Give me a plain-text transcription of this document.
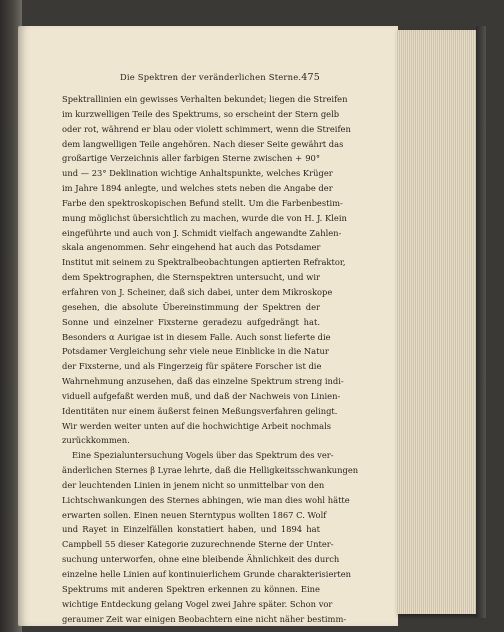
Die Spektren der veränderlichen Sterne. 475
Spektrallinien ein gewisses Verhalten bekundet; liegen die Streifen
im kurzwelligen Teile des Spektrums, so erscheint der Stern gelb
oder rot, während er blau oder violett schimmert, wenn die Streifen
dem langwelligen Teile angehören. Nach dieser Seite gewährt das
großartige Verzeichnis aller farbigen Sterne zwischen + 90°
und — 23° Deklination wichtige Anhaltspunkte, welches Krüger
im Jahre 1894 anlegte, und welches stets neben die Angabe der
Farbe den spektroskopischen Befund stellt. Um die Farbenbestim-
mung möglichst übersichtlich zu machen, wurde die von H. J. Klein
eingeführte und auch von J. Schmidt vielfach angewandte Zahlen-
skala angenommen. Sehr eingehend hat auch das Potsdamer
Institut mit seinem zu Spektralbeobachtungen aptierten Refraktor,
dem Spektrographen, die Sternspektren untersucht, und wir
erfahren von J. Scheiner, daß sich dabei, unter dem Mikroskope
gesehen, die absolute Übereinstimmung der Spektren der
Sonne und einzelner Fixsterne geradezu aufgedrängt hat.
Besonders α Aurigae ist in diesem Falle. Auch sonst lieferte die
Potsdamer Vergleichung sehr viele neue Einblicke in die Natur
der Fixsterne, und als Fingerzeig für spätere Forscher ist die
Wahrnehmung anzusehen, daß das einzelne Spektrum streng indi-
viduell aufgefaßt werden muß, und daß der Nachweis von Linien-
Identitäten nur einem äußerst feinen Meßungsverfahren gelingt.
Wir werden weiter unten auf die hochwichtige Arbeit nochmals
zurückkommen.
Eine Spezialuntersuchung Vogels über das Spektrum des ver-
änderlichen Sternes β Lyrae lehrte, daß die Helligkeitsschwankungen
der leuchtenden Linien in jenem nicht so unmittelbar von den
Lichtschwankungen des Sternes abhingen, wie man dies wohl hätte
erwarten sollen. Einen neuen Sterntypus wollten 1867 C. Wolf
und Rayet in Einzelfällen konstatiert haben, und 1894 hat
Campbell 55 dieser Kategorie zuzurechnende Sterne der Unter-
suchung unterworfen, ohne eine bleibende Ähnlichkeit des durch
einzelne helle Linien auf kontinuierlichem Grunde charakterisierten
Spektrums mit anderen Spektren erkennen zu können. Eine
wichtige Entdeckung gelang Vogel zwei Jahre später. Schon vor
geraumer Zeit war einigen Beobachtern eine nicht näher bestimm-
